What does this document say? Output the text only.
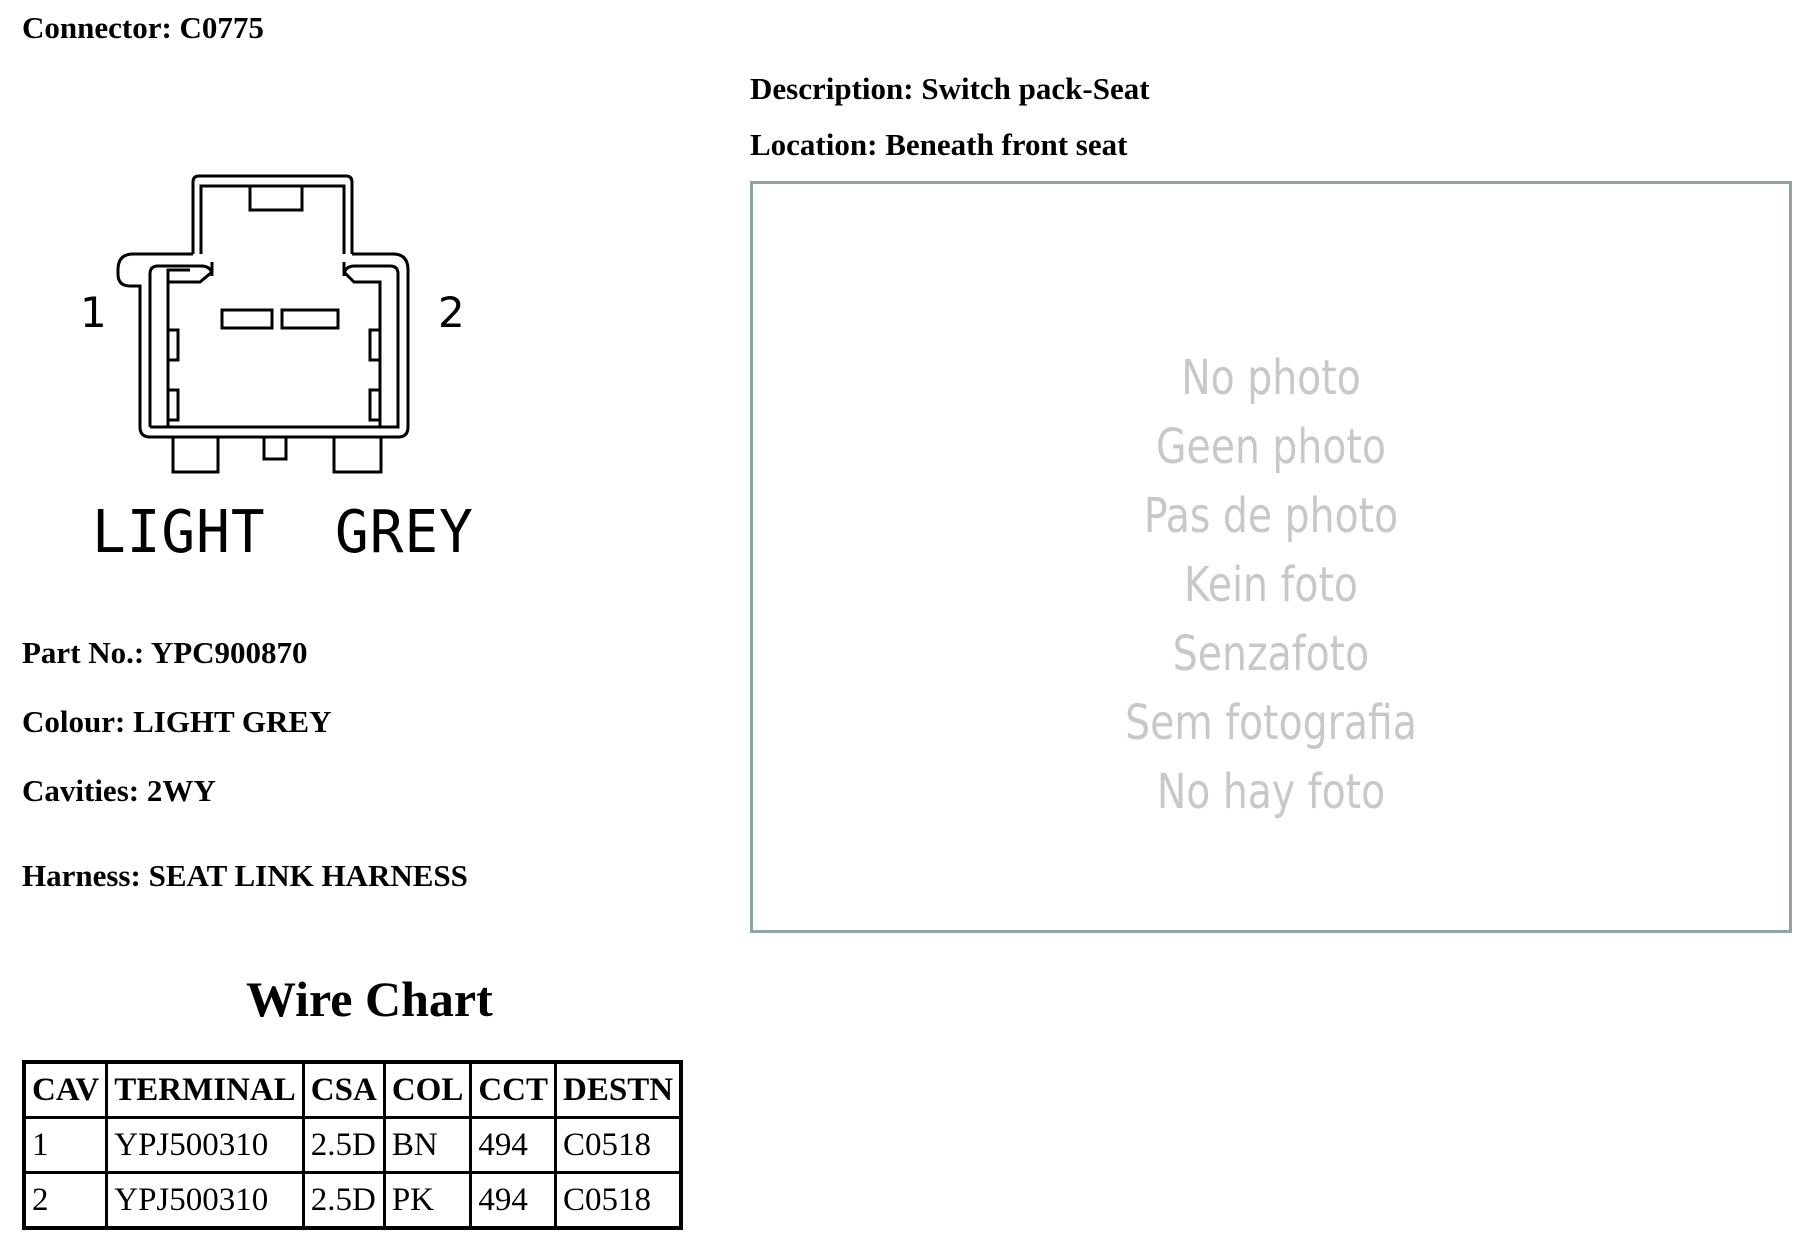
Connector: C0775
Description: Switch pack-Seat
Location: Beneath front seat
1	2
LIGHT  GREY
Part No.: YPC900870
Colour: LIGHT GREY
Cavities: 2WY
Harness: SEAT LINK HARNESS
No photo
Geen photo
Pas de photo
Kein foto
Senzafoto
Sem fotografia
No hay foto
Wire Chart
CAV	TERMINAL	CSA	COL	CCT	DESTN
1	YPJ500310	2.5D	BN	494	C0518
2	YPJ500310	2.5D	PK	494	C0518
